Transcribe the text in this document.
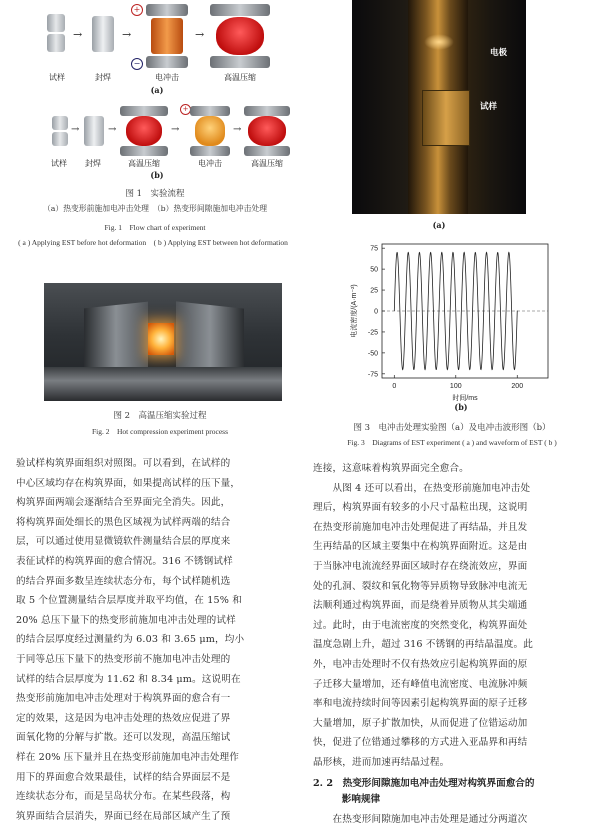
→	→
+
−
→
试样	封焊	电冲击	高温压缩
(a)
→	→	→
+
→
试样	封焊	高温压缩	电冲击	高温压缩
(b)
图 1　实验流程
（a）热变形前施加电冲击处理　（b）热变形间隙施加电冲击处理
Fig. 1　Flow chart of experiment
( a ) Applying EST before hot deformation　( b ) Applying EST between hot deformation
图 2　高温压缩实验过程
Fig. 2　Hot compression experiment process
电极
试样
(a)
75
50
25
0
-25
-50
-75
0	100	200
时间/ms
电流密度/(A·m⁻²)
(b)
图 3　电冲击处理实验图（a）及电冲击波形图（b）
Fig. 3　Diagrams of EST experiment ( a ) and waveform of EST ( b )
验试样构筑界面组织对照图。可以看到，在试样的
中心区域均存在构筑界面，如果提高试样的压下量，
构筑界面两端会逐渐结合至界面完全消失。因此，
将构筑界面处细长的黑色区域视为试样两端的结合
层，可以通过使用显微镜软件测量结合层的厚度来
表征试样的构筑界面的愈合情况。316 不锈钢试样
的结合界面多数呈连续状态分布，每个试样随机选
取 5 个位置测量结合层厚度并取平均值，在 15% 和
20% 总压下量下的热变形前施加电冲击处理的试样
的结合层厚度经过测量约为 6.03 和 3.65 μm，均小
于同等总压下量下的热变形前不施加电冲击处理的
试样的结合层厚度为 11.62 和 8.34 μm。这说明在
热变形前施加电冲击处理对于构筑界面的愈合有一
定的效果，这是因为电冲击处理的热效应促进了界
面氧化物的分解与扩散。还可以发现，高温压缩试
样在 20% 压下量并且在热变形前施加电冲击处理作
用下的界面愈合效果最佳，试样的结合界面层不是
连续状态分布，而是呈岛状分布。在某些段落，构
筑界面结合层消失，界面已经在局部区域产生了预
连接，这意味着构筑界面完全愈合。
　　从图 4 还可以看出，在热变形前施加电冲击处
理后，构筑界面有较多的小尺寸晶粒出现，这说明
在热变形前施加电冲击处理促进了再结晶，并且发
生再结晶的区域主要集中在构筑界面附近。这是由
于当脉冲电流流经界面区域时存在绕流效应，界面
处的孔洞、裂纹和氧化物等异质物导致脉冲电流无
法顺利通过构筑界面，而是绕着异质物从其尖端通
过。此时，由于电流密度的突然变化，构筑界面处
温度急剧上升，超过 316 不锈钢的再结晶温度。此
外，电冲击处理时不仅有热效应引起构筑界面的原
子迁移大量增加，还有峰值电流密度、电流脉冲频
率和电流持续时间等因素引起构筑界面的原子迁移
大量增加，原子扩散加快，从而促进了位错运动加
快，促进了位错通过攀移的方式进入亚晶界和再结
晶形核，进而加速再结晶过程。
2. 2　热变形间隙施加电冲击处理对构筑界面愈合的
　　　影响规律
　　在热变形间隙施加电冲击处理是通过分两道次
